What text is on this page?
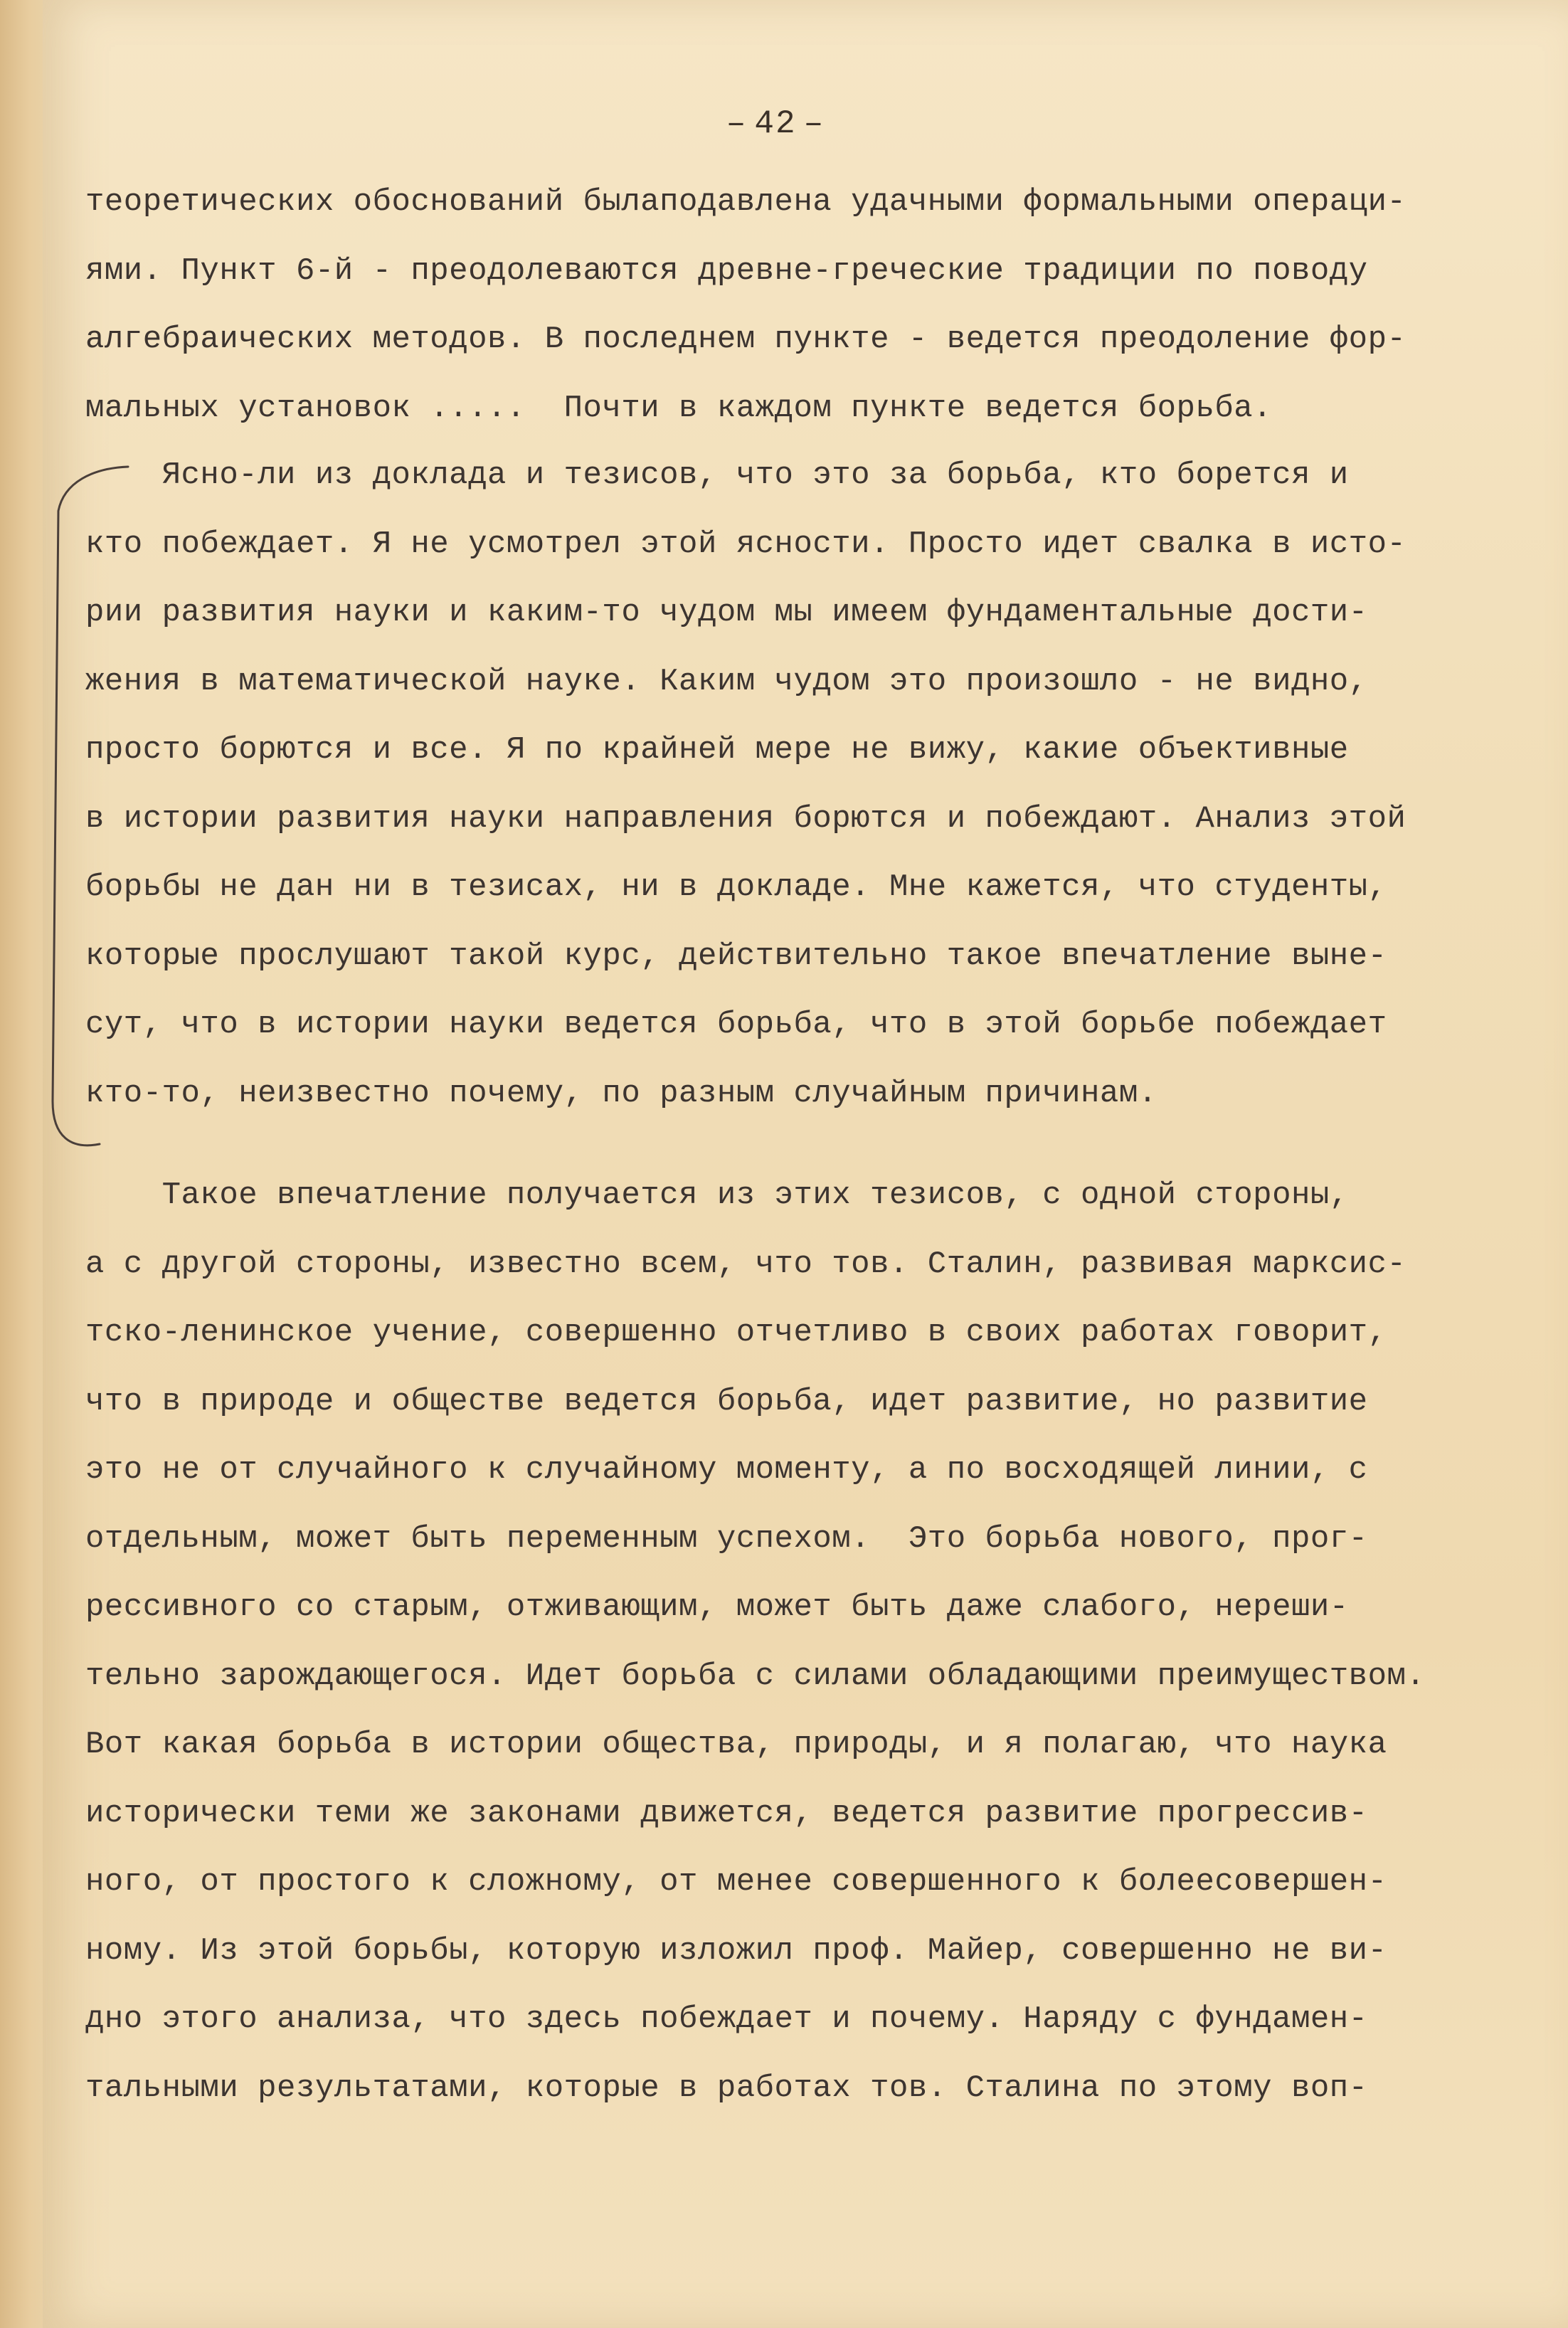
– 42 –
теоретических обоснований былаподавлена удачными формальными операци-
ями. Пункт 6-й - преодолеваются древне-греческие традиции по поводу
алгебраических методов. В последнем пункте - ведется преодоление фор-
мальных установок .....  Почти в каждом пункте ведется борьба.
Ясно-ли из доклада и тезисов, что это за борьба, кто борется и
кто побеждает. Я не усмотрел этой ясности. Просто идет свалка в исто-
рии развития науки и каким-то чудом мы имеем фундаментальные дости-
жения в математической науке. Каким чудом это произошло - не видно,
просто борются и все. Я по крайней мере не вижу, какие объективные
в истории развития науки направления борются и побеждают. Анализ этой
борьбы не дан ни в тезисах, ни в докладе. Мне кажется, что студенты,
которые прослушают такой курс, действительно такое впечатление выне-
сут, что в истории науки ведется борьба, что в этой борьбе побеждает
кто-то, неизвестно почему, по разным случайным причинам.
Такое впечатление получается из этих тезисов, с одной стороны,
а с другой стороны, известно всем, что тов. Сталин, развивая марксис-
тско-ленинское учение, совершенно отчетливо в своих работах говорит,
что в природе и обществе ведется борьба, идет развитие, но развитие
это не от случайного к случайному моменту, а по восходящей линии, с
отдельным, может быть переменным успехом.  Это борьба нового, прог-
рессивного со старым, отживающим, может быть даже слабого, нереши-
тельно зарождающегося. Идет борьба с силами обладающими преимуществом.
Вот какая борьба в истории общества, природы, и я полагаю, что наука
исторически теми же законами движется, ведется развитие прогрессив-
ного, от простого к сложному, от менее совершенного к болеесовершен-
ному. Из этой борьбы, которую изложил проф. Майер, совершенно не ви-
дно этого анализа, что здесь побеждает и почему. Наряду с фундамен-
тальными результатами, которые в работах тов. Сталина по этому воп-
